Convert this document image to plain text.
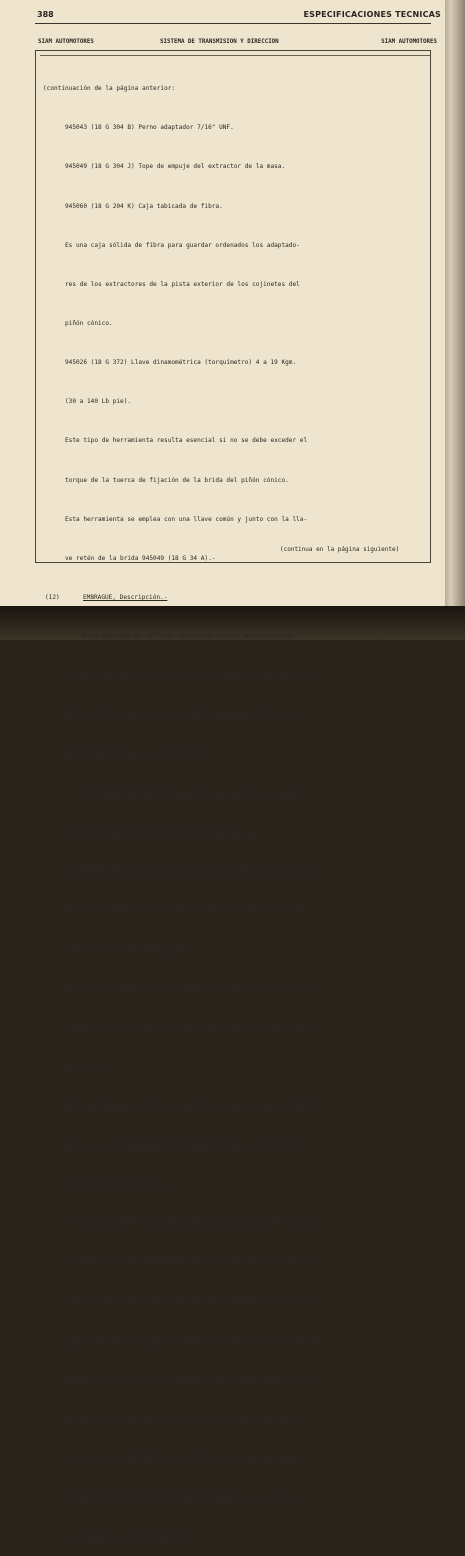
388	ESPECIFICACIONES TECNICAS
SIAM AUTOMOTORES	SISTEMA DE TRANSMISION Y DIRECCION	SIAM AUTOMOTORES

(continuación de la página anterior:

945043 (18 G 304 B) Perno adaptador 7/16" UNF.

945049 (18 G 304 J) Tope de empuje del extractor de la masa.

945060 (18 G 204 K) Caja tabicada de fibra.

Es una caja sólida de fibra para guardar ordenados los adaptado-

res de los extractores de la pista exterior de los cojinetes del

piñón cónico.

945026 (18 G 372) Llave dinamométrica (torquímetro) 4 a 19 Kgm.

(30 a 140 Lb pie).

Este tipo de herramienta resulta esencial si no se debe exceder el

torque de la tuerca de fijación de la brida del piñón cónico.

Esta herramienta se emplea con una llave común y junto con la lla-

ve retén de la brida 945049 (18 G 34 A).-

(12)	EMBRAGUE, Descripción.-

Este embrague es del tipo monodisco seco,de accionamiento

hidráulico. En el propio embrague no se contempla su regulación en

el caso de desgaste. Se proporciona el ajuste individual para ca-

da palanca durante el armado inicial.

Las tuercas de ajuste están ancladas en su sitio y no deberán

ser tocadas nunca,a menos que se desarme el embrague.

Accionamiento hidráulico: Una bomba principal que se encuentra mon-

tada en el frente del mampara,del lado del motor,funciona directa

- mente con el pedal de embrague.

La presión del fluído se transmite al servo-cilindro,accionando el

pistón,la varilla de empuje y la leva del embrague para desacoplar

el mismo.

Bomba de embrague: La bomba principal del embrague es del tipo"GIR-

LING" C.V. con tanque integral de suministro. El conjunto es simi-

lar al de la bomba de freno.

Servo-cilindro: Este se encuentra abulonado al cubre-volante y nor-

malmente no requiere mantenimiento; su armado es similar al del ci-

lindro de freno de las ruedas delanteras. Si el sistema fuera desga-

gotado,será necesario purgar el cilindro despues de rearmado y llenado.

Ajuste de las levas de desembrague: El funcionamiento satisfactorio

del embrague depende del correcto ajuste de las levas de desem-

brague,de manera tal que la cara del plato de presión se mantenga

paralela a la cara del volante del motor,debido a las variaciones

en el espesor del disco conducido.

(continua en la página siguiente)
